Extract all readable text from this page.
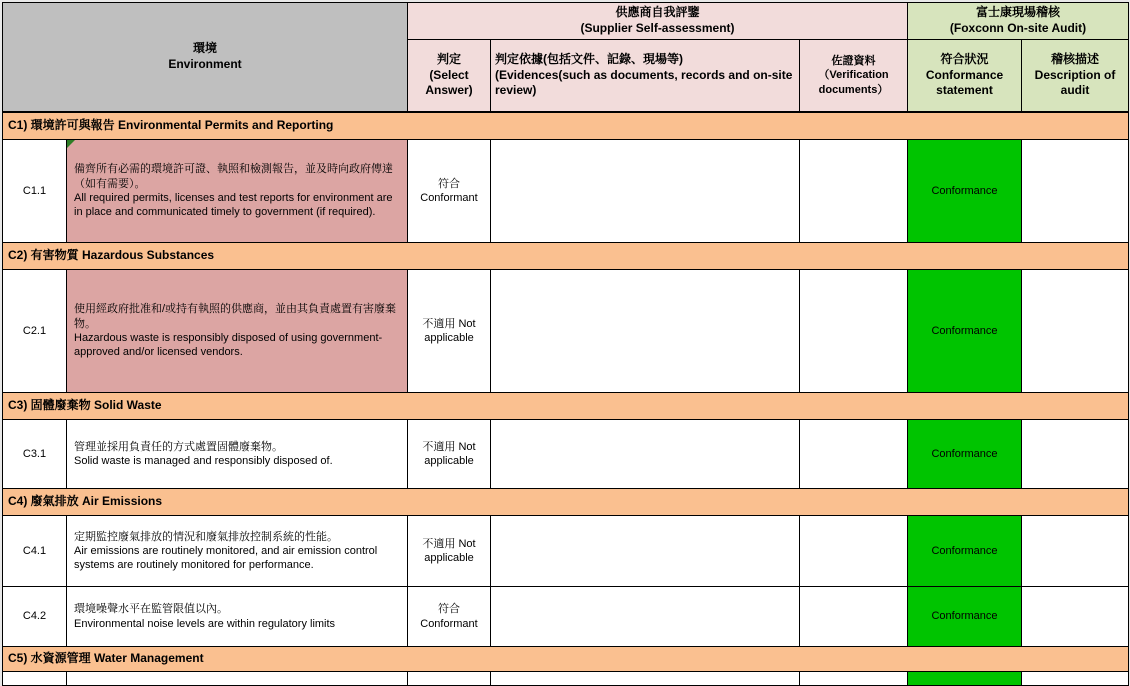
環境
Environment
供應商自我評鑒
(Supplier Self-assessment)
富士康現場稽核
(Foxconn On-site Audit)
判定
(Select Answer)
判定依據(包括文件、記錄、現場等)
(Evidences(such as documents, records and on-site review)
佐證資料
（Verification documents）
符合狀況
Conformance statement
稽核描述
Description of audit
C1) 環境許可與報告 Environmental Permits and Reporting
C1.1
備齊所有必需的環境許可證、執照和檢測報告，並及時向政府傳達（如有需要）。
All required permits, licenses and test reports for environment are in place and communicated timely to government (if required).
符合 Conformant
Conformance
C2) 有害物質 Hazardous Substances
C2.1
使用經政府批准和/或持有執照的供應商，並由其負責處置有害廢棄物。
Hazardous waste is responsibly disposed of using government-approved and/or licensed vendors.
不適用 Not applicable
Conformance
C3) 固體廢棄物 Solid Waste
C3.1
管理並採用負責任的方式處置固體廢棄物。
Solid waste is managed and responsibly disposed of.
不適用 Not applicable
Conformance
C4) 廢氣排放 Air Emissions
C4.1
定期監控廢氣排放的情況和廢氣排放控制系統的性能。
Air emissions are routinely monitored, and air emission control systems are routinely monitored for performance.
不適用 Not applicable
Conformance
C4.2
環境噪聲水平在監管限值以內。
Environmental noise levels are within regulatory limits
符合 Conformant
Conformance
C5) 水資源管理 Water Management
